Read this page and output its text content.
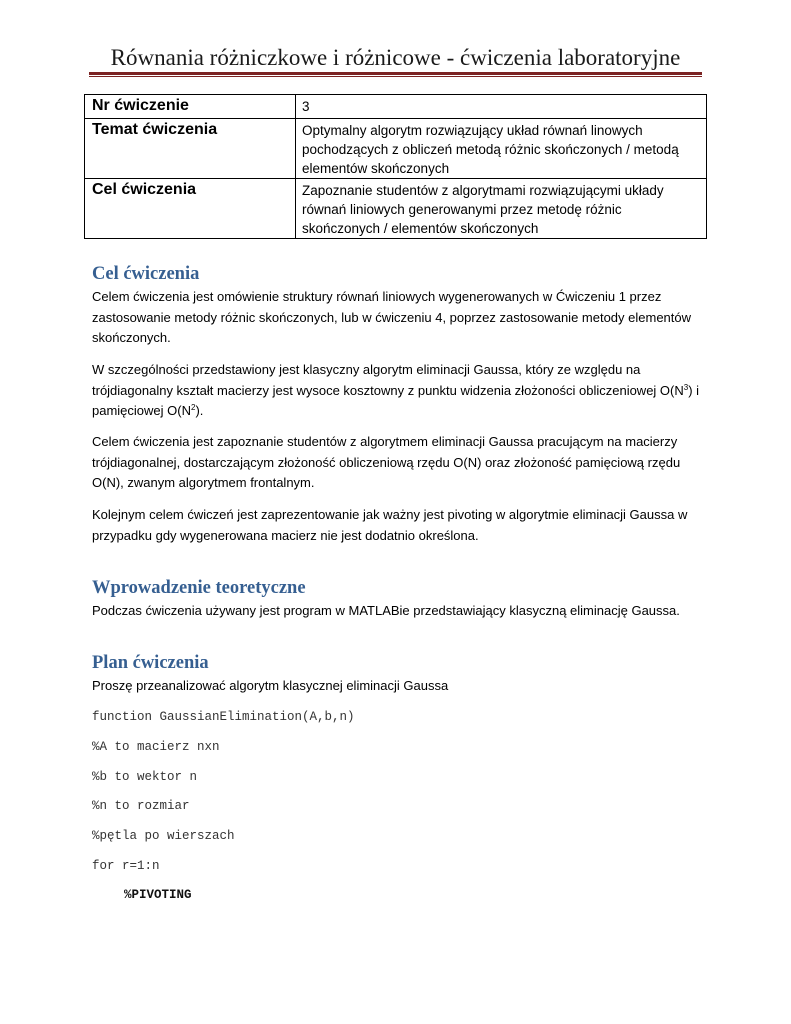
Równania różniczkowe i różnicowe - ćwiczenia laboratoryjne
Nr ćwiczenie	3
Temat ćwiczenia	Optymalny algorytm rozwiązujący układ równań linowych pochodzących z obliczeń metodą różnic skończonych / metodą elementów skończonych
Cel ćwiczenia	Zapoznanie studentów z algorytmami rozwiązującymi układy równań liniowych generowanymi przez metodę różnic skończonych / elementów skończonych
Cel ćwiczenia
Celem ćwiczenia jest omówienie struktury równań liniowych wygenerowanych w Ćwiczeniu 1 przez zastosowanie metody różnic skończonych, lub w ćwiczeniu 4, poprzez zastosowanie metody elementów skończonych.
W szczególności przedstawiony jest klasyczny algorytm eliminacji Gaussa, który ze względu na trójdiagonalny kształt macierzy jest wysoce kosztowny z punktu widzenia złożoności obliczeniowej $O(N^3)$ i pamięciowej $O(N^2)$.
Celem ćwiczenia jest zapoznanie studentów z algorytmem eliminacji Gaussa pracującym na macierzy trójdiagonalnej, dostarczającym złożoność obliczeniową rzędu O(N) oraz złożoność pamięciową rzędu O(N), zwanym algorytmem frontalnym.
Kolejnym celem ćwiczeń jest zaprezentowanie jak ważny jest pivoting w algorytmie eliminacji Gaussa w przypadku gdy wygenerowana macierz nie jest dodatnio określona.
Wprowadzenie teoretyczne
Podczas ćwiczenia używany jest program w MATLABie przedstawiający klasyczną eliminację Gaussa.
Plan ćwiczenia
Proszę przeanalizować algorytm klasycznej eliminacji Gaussa
function GaussianElimination(A,b,n)
%A to macierz nxn
%b to wektor n
%n to rozmiar
%pętla po wierszach
for r=1:n
%PIVOTING
